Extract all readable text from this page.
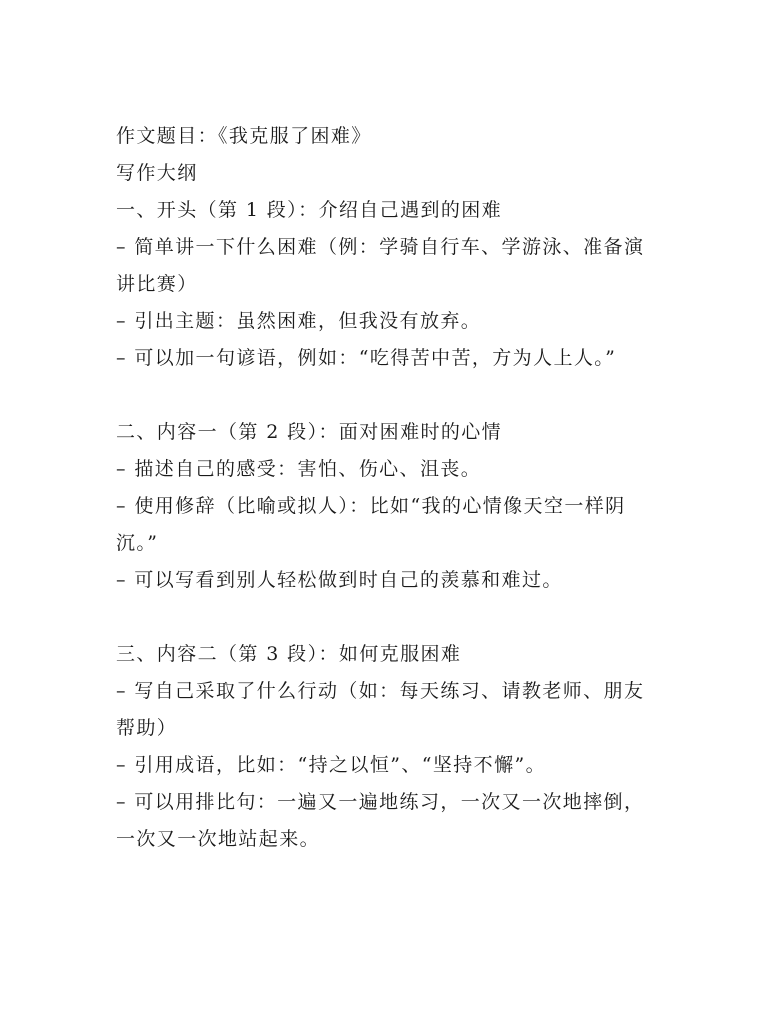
作文题目：《我克服了困难》
写作大纲
一、开头（第 1 段）：介绍自己遇到的困难
– 简单讲一下什么困难（例：学骑自行车、学游泳、准备演讲比赛）
– 引出主题：虽然困难，但我没有放弃。
– 可以加一句谚语，例如：“吃得苦中苦，方为人上人。”
二、内容一（第 2 段）：面对困难时的心情
– 描述自己的感受：害怕、伤心、沮丧。
– 使用修辞（比喻或拟人）：比如“我的心情像天空一样阴沉。”
– 可以写看到别人轻松做到时自己的羡慕和难过。
三、内容二（第 3 段）：如何克服困难
– 写自己采取了什么行动（如：每天练习、请教老师、朋友帮助）
– 引用成语，比如：“持之以恒”、“坚持不懈”。
– 可以用排比句：一遍又一遍地练习，一次又一次地摔倒，一次又一次地站起来。
